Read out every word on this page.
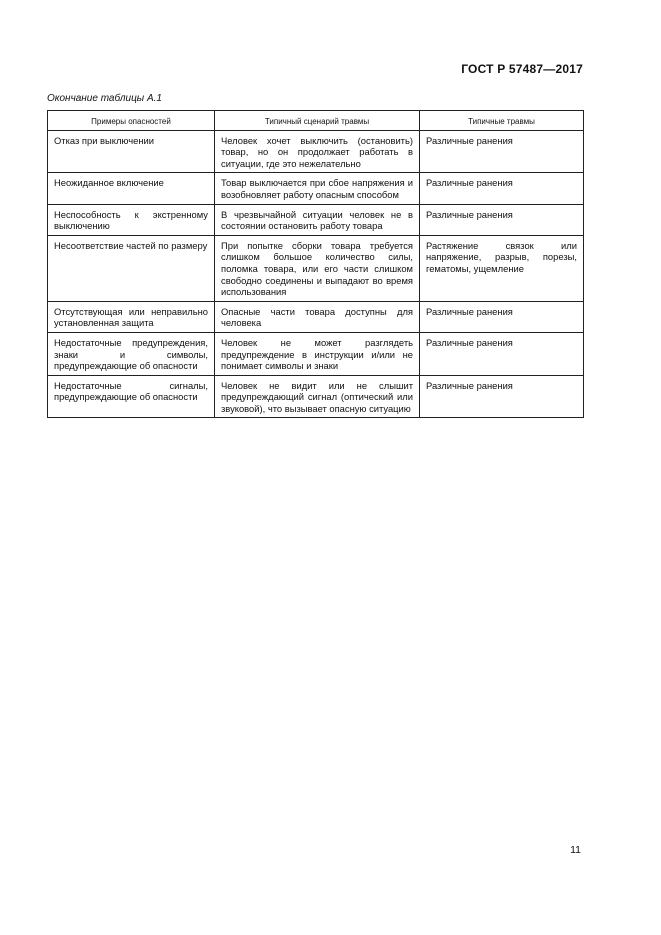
ГОСТ Р 57487—2017
Окончание таблицы А.1
Примеры опасностей	Типичный сценарий травмы	Типичные травмы
Отказ при выключении	Человек хочет выключить (остановить) товар, но он продолжает работать в ситуации, где это нежелательно	Различные ранения
Неожиданное включение	Товар выключается при сбое напряжения и возобновляет работу опасным способом	Различные ранения
Неспособность к экстренному выключению	В чрезвычайной ситуации человек не в состоянии остановить работу товара	Различные ранения
Несоответствие частей по размеру	При попытке сборки товара требуется слишком большое количество силы, поломка товара, или его части слишком свободно соединены и выпадают во время использования	Растяжение связок или напряжение, разрыв, порезы, гематомы, ущемление
Отсутствующая или неправильно установленная защита	Опасные части товара доступны для человека	Различные ранения
Недостаточные предупреждения, знаки и символы, предупреждающие об опасности	Человек не может разглядеть предупреждение в инструкции и/или не понимает символы и знаки	Различные ранения
Недостаточные сигналы, предупреждающие об опасности	Человек не видит или не слышит предупреждающий сигнал (оптический или звуковой), что вызывает опасную ситуацию	Различные ранения
11
